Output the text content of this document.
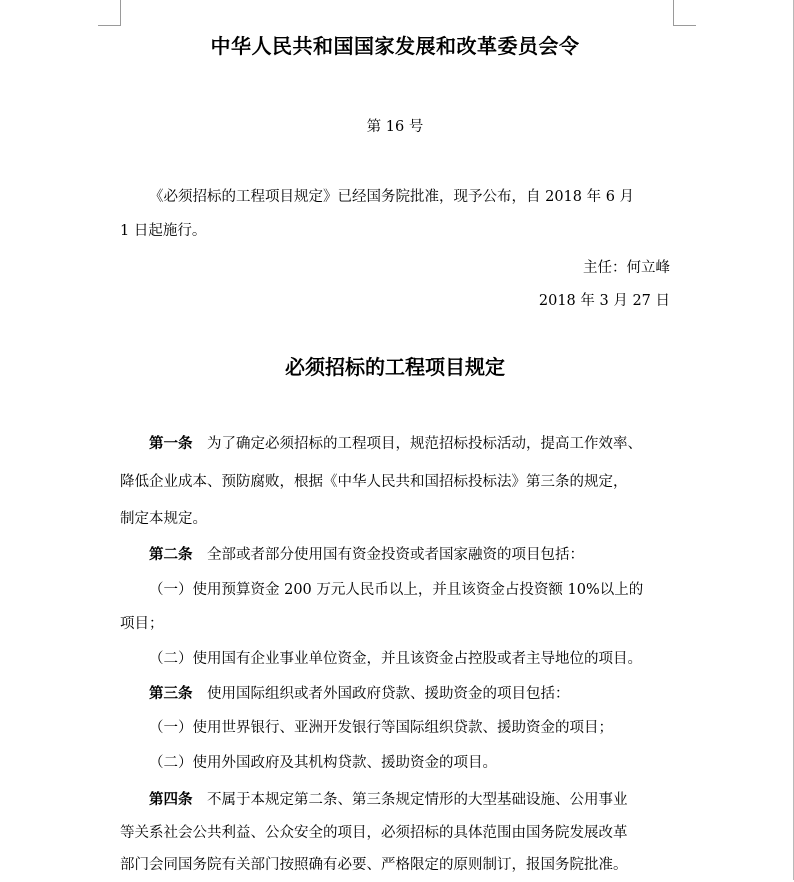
中华人民共和国国家发展和改革委员会令
第 16 号
《必须招标的工程项目规定》已经国务院批准，现予公布，自 2018 年 6 月
1 日起施行。
主任：何立峰
2018 年 3 月 27 日
必须招标的工程项目规定
第一条　 为了确定必须招标的工程项目，规范招标投标活动，提高工作效率、
降低企业成本、预防腐败，根据《中华人民共和国招标投标法》第三条的规定，
制定本规定。
第二条　 全部或者部分使用国有资金投资或者国家融资的项目包括：
（一）使用预算资金 200 万元人民币以上，并且该资金占投资额 10%以上的
项目；
（二）使用国有企业事业单位资金，并且该资金占控股或者主导地位的项目。
第三条　 使用国际组织或者外国政府贷款、援助资金的项目包括：
（一）使用世界银行、亚洲开发银行等国际组织贷款、援助资金的项目；
（二）使用外国政府及其机构贷款、援助资金的项目。
第四条　 不属于本规定第二条、第三条规定情形的大型基础设施、公用事业
等关系社会公共利益、公众安全的项目，必须招标的具体范围由国务院发展改革
部门会同国务院有关部门按照确有必要、严格限定的原则制订，报国务院批准。
